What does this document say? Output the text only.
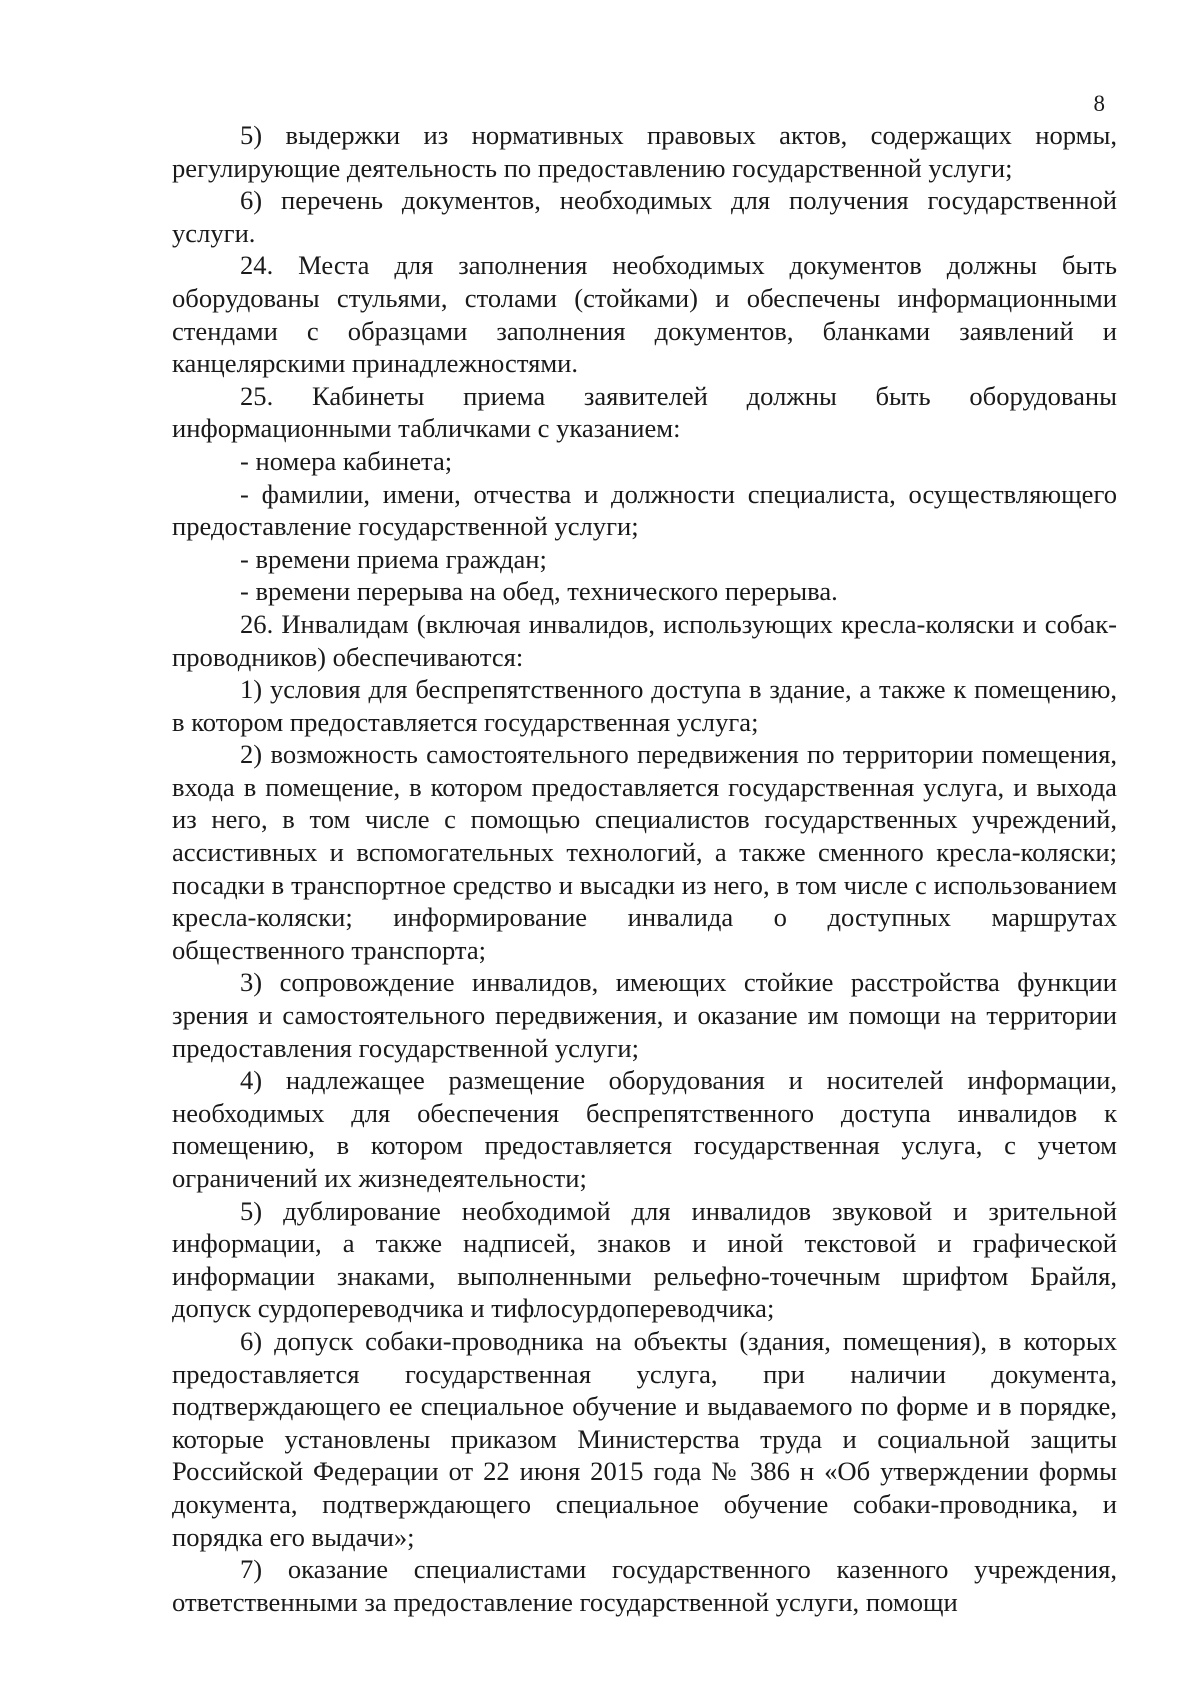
8

5) выдержки из нормативных правовых актов, содержащих нормы, регулирующие деятельность по предоставлению государственной услуги;

6) перечень документов, необходимых для получения государственной услуги.

24. Места для заполнения необходимых документов должны быть оборудованы стульями, столами (стойками) и обеспечены информационными стендами с образцами заполнения документов, бланками заявлений и канцелярскими принадлежностями.

25. Кабинеты приема заявителей должны быть оборудованы информационными табличками с указанием:

- номера кабинета;

- фамилии, имени, отчества и должности специалиста, осуществляющего предоставление государственной услуги;

- времени приема граждан;

- времени перерыва на обед, технического перерыва.

26. Инвалидам (включая инвалидов, использующих кресла-коляски и собак-проводников) обеспечиваются:

1) условия для беспрепятственного доступа в здание, а также к помещению, в котором предоставляется государственная услуга;

2) возможность самостоятельного передвижения по территории помещения, входа в помещение, в котором предоставляется государственная услуга, и выхода из него, в том числе с помощью специалистов государственных учреждений, ассистивных и вспомогательных технологий, а также сменного кресла-коляски; посадки в транспортное средство и высадки из него, в том числе с использованием кресла-коляски; информирование инвалида о доступных маршрутах общественного транспорта;

3) сопровождение инвалидов, имеющих стойкие расстройства функции зрения и самостоятельного передвижения, и оказание им помощи на территории предоставления государственной услуги;

4) надлежащее размещение оборудования и носителей информации, необходимых для обеспечения беспрепятственного доступа инвалидов к помещению, в котором предоставляется государственная услуга, с учетом ограничений их жизнедеятельности;

5) дублирование необходимой для инвалидов звуковой и зрительной информации, а также надписей, знаков и иной текстовой и графической информации знаками, выполненными рельефно-точечным шрифтом Брайля, допуск сурдопереводчика и тифлосурдопереводчика;

6) допуск собаки-проводника на объекты (здания, помещения), в которых предоставляется государственная услуга, при наличии документа, подтверждающего ее специальное обучение и выдаваемого по форме и в порядке, которые установлены приказом Министерства труда и социальной защиты Российской Федерации от 22 июня 2015 года № 386 н «Об утверждении формы документа, подтверждающего специальное обучение собаки-проводника, и порядка его выдачи»;

7) оказание специалистами государственного казенного учреждения, ответственными за предоставление государственной услуги, помощи
